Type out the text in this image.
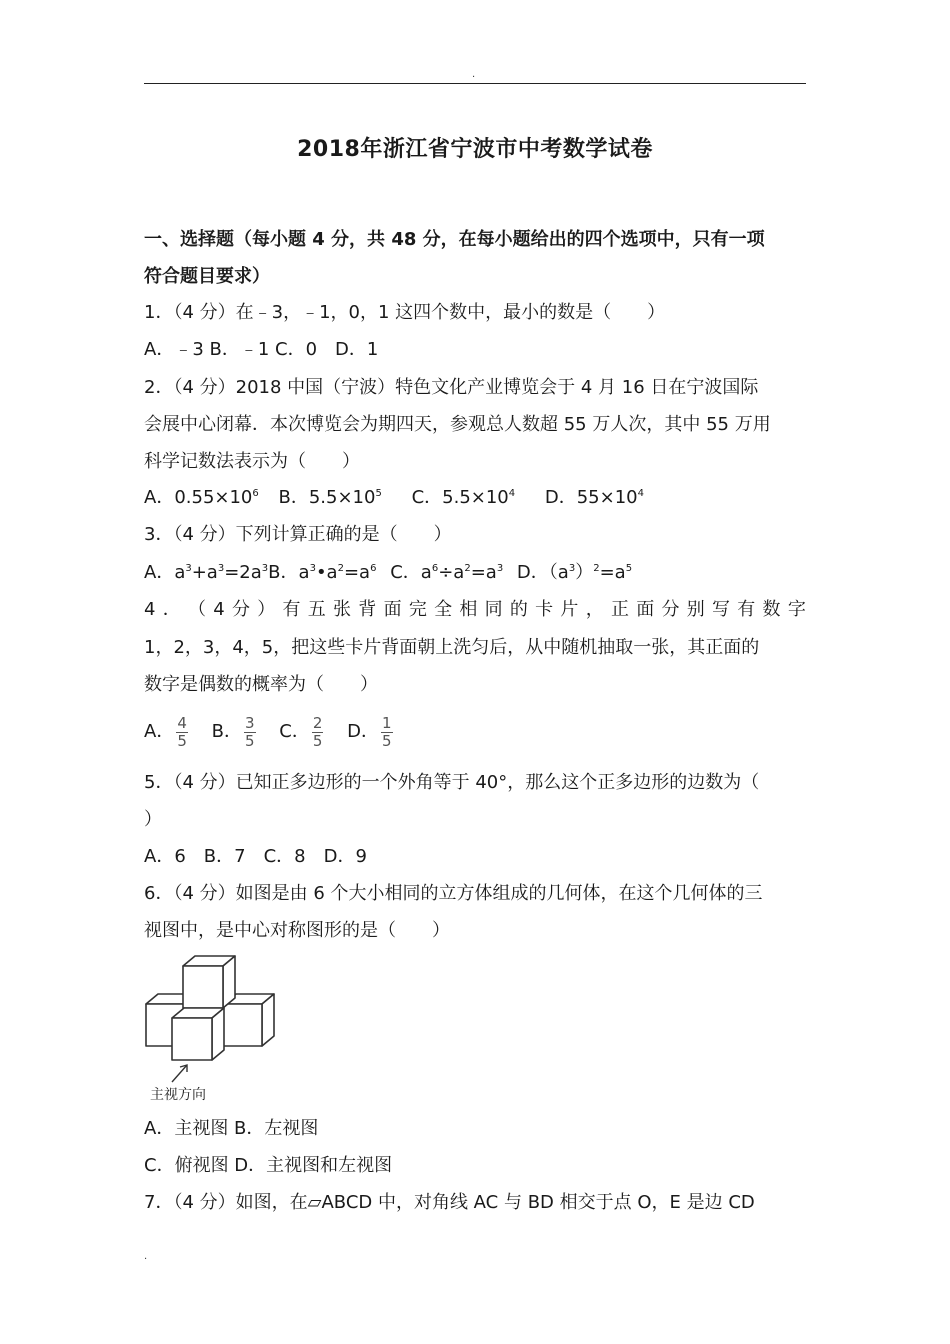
.
2018年浙江省宁波市中考数学试卷
一、选择题（每小题 4 分，共 48 分，在每小题给出的四个选项中，只有一项
符合题目要求）
1．（4 分）在﹣3，﹣1，0，1 这四个数中，最小的数是（　　）
A．﹣3 B．﹣1 C．0　D．1
2．（4 分）2018 中国（宁波）特色文化产业博览会于 4 月 16 日在宁波国际
会展中心闭幕．本次博览会为期四天，参观总人数超 55 万人次，其中 55 万用
科学记数法表示为（　　）
A．$0.55\times 10^6$ B．$5.5\times 10^5$ C．$5.5\times 10^4$ D．$55\times 10^4$
3．（4 分）下列计算正确的是（　　）
A．$a^3+a^3=2a^3B$．$a^3•a^2=a^6$ C．$a^6\div a^2=a^3$ D．$(a^3)^2=a^5$
4 ． （ 4 分 ） 有 五 张 背 面 完 全 相 同 的 卡 片 ， 正 面 分 别 写 有 数 字
1，2，3，4，5，把这些卡片背面朝上洗匀后，从中随机抽取一张，其正面的
数字是偶数的概率为（　　）
A． $\frac{4}{5}$ B． $\frac{3}{5}$ C． $\frac{2}{5}$ D． $\frac{1}{5}$
5．（4 分）已知正多边形的一个外角等于 40°，那么这个正多边形的边数为（
）
A．6　B．7　C．8　D．9
6．（4 分）如图是由 6 个大小相同的立方体组成的几何体，在这个几何体的三
视图中，是中心对称图形的是（　　）
主视方向
A．主视图 B．左视图
C．俯视图 D．主视图和左视图
7．（4 分）如图，在▱ABCD 中，对角线 AC 与 BD 相交于点 O，E 是边 CD
.
